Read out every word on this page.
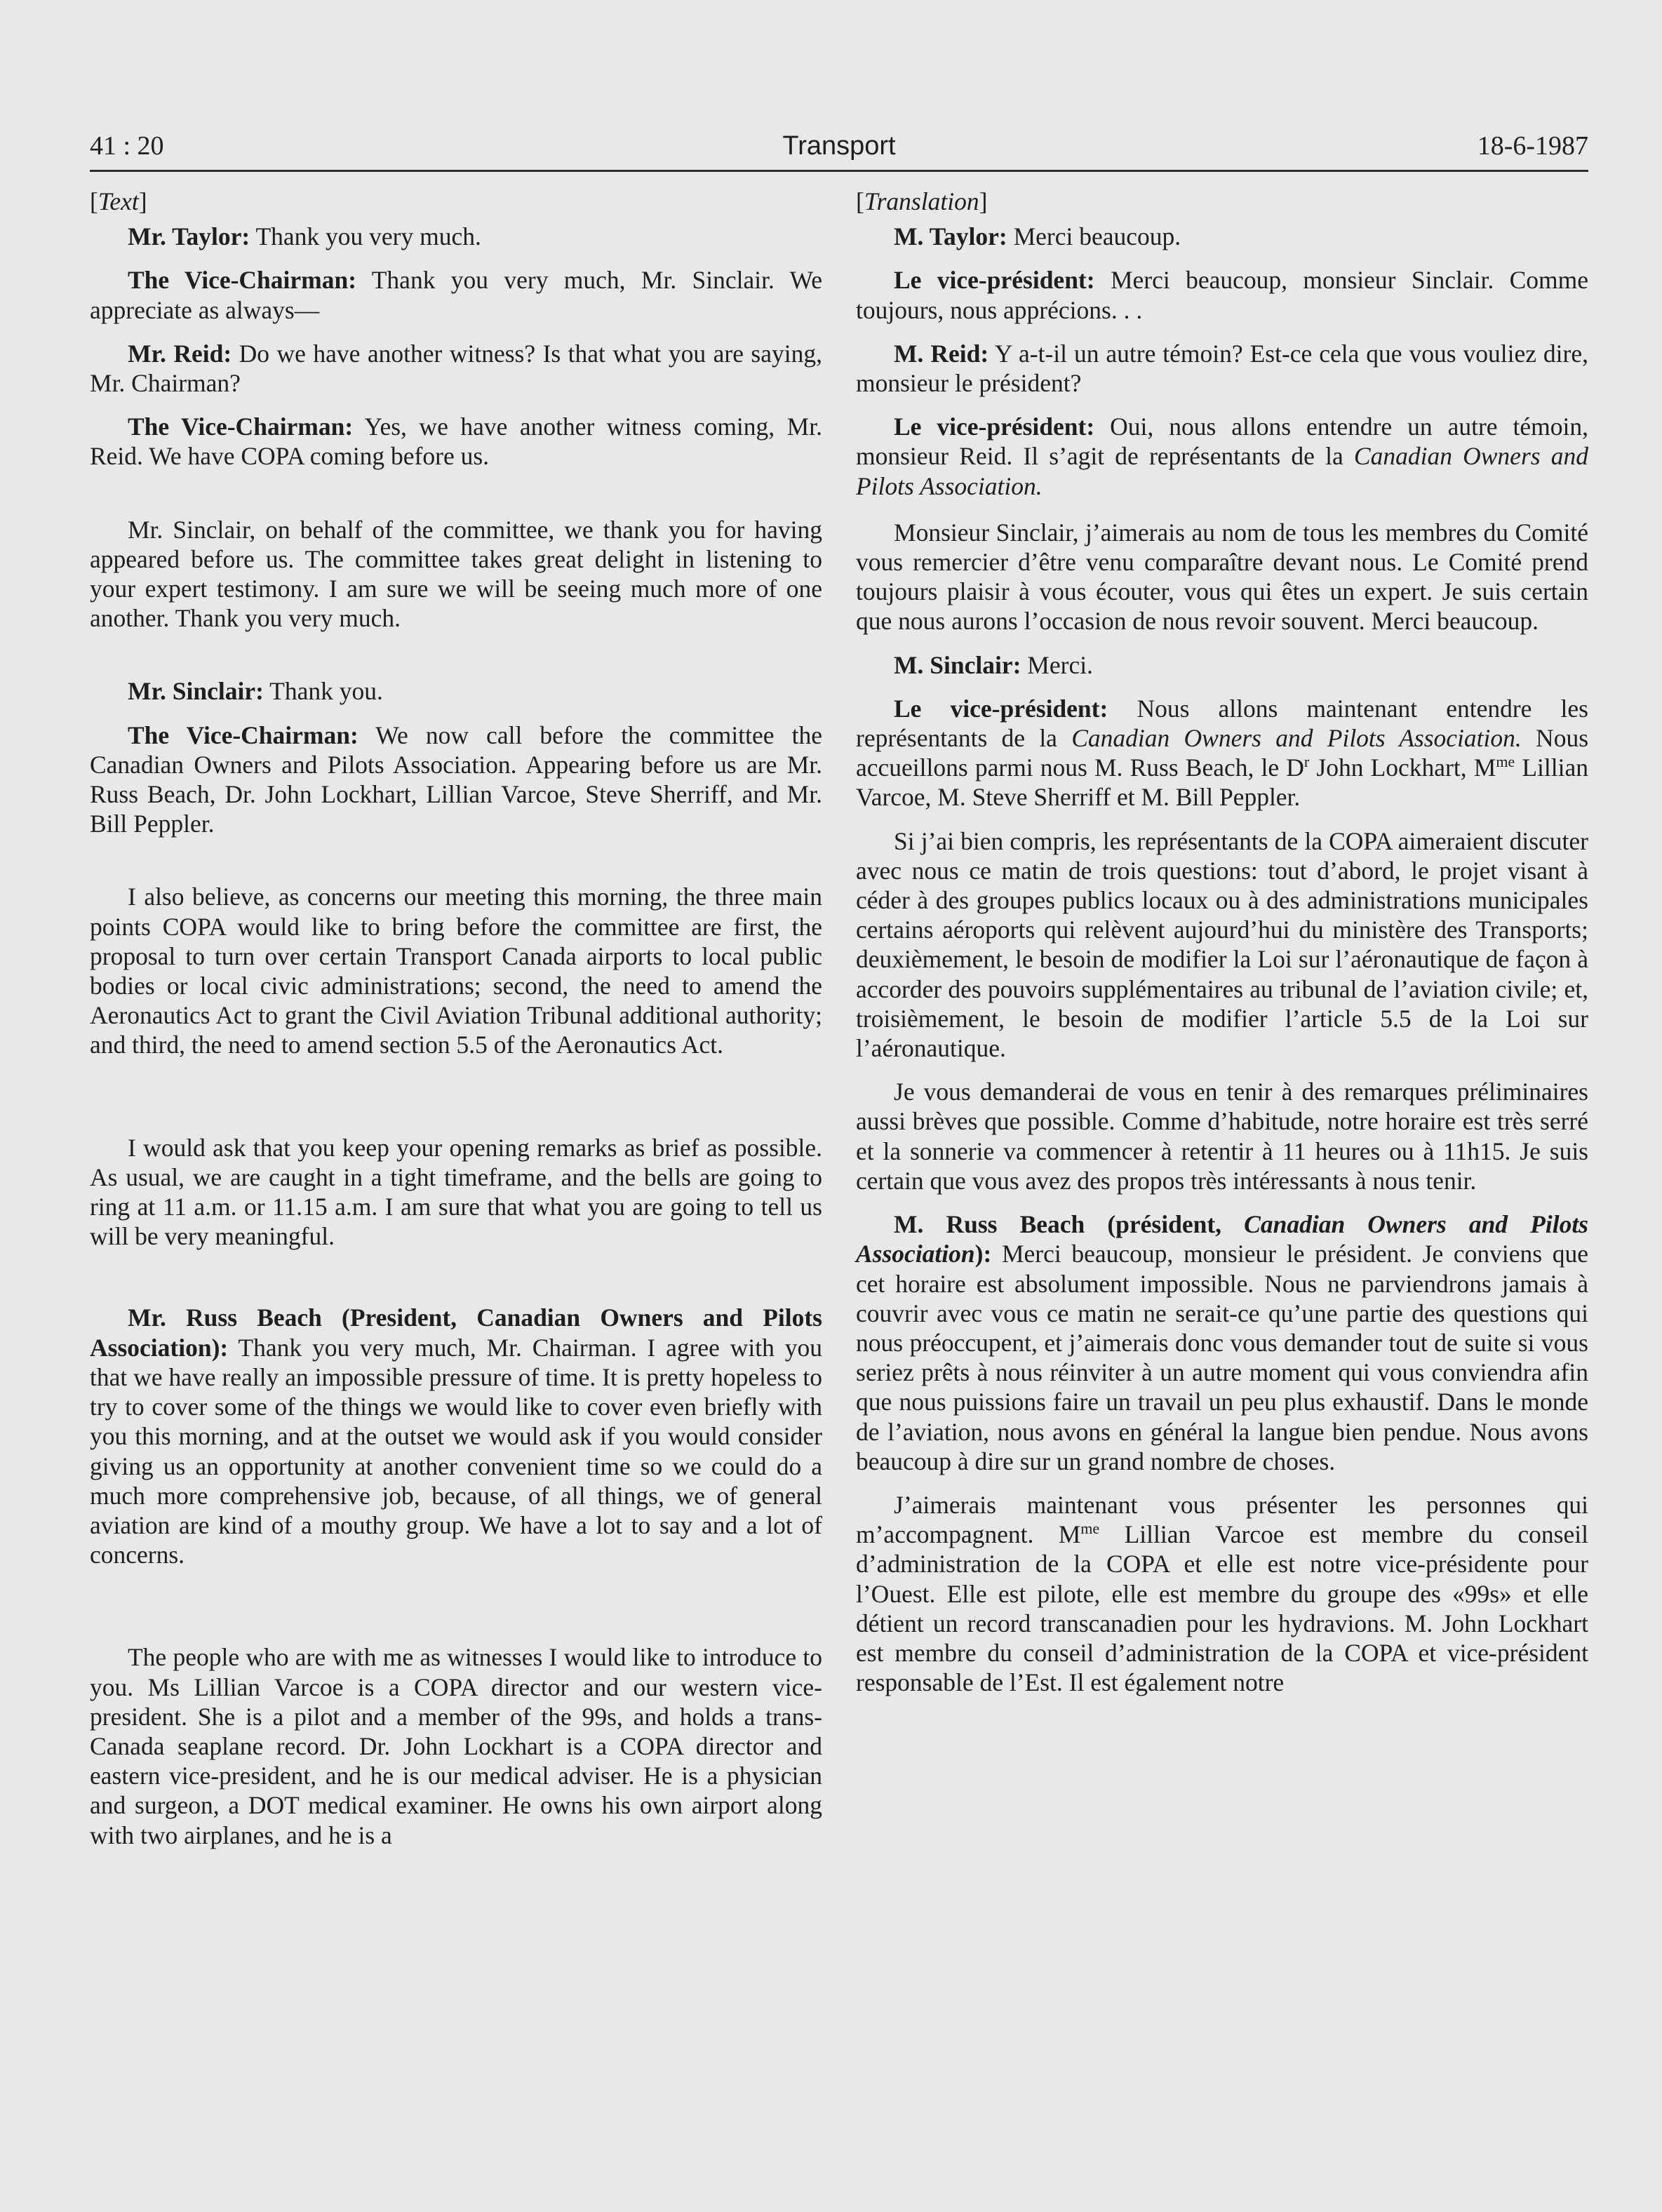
41 : 20	Transport	18-6-1987

[Text]

Mr. Taylor: Thank you very much.

The Vice-Chairman: Thank you very much, Mr. Sinclair. We appreciate as always—

Mr. Reid: Do we have another witness? Is that what you are saying, Mr. Chairman?

The Vice-Chairman: Yes, we have another witness coming, Mr. Reid. We have COPA coming before us.

Mr. Sinclair, on behalf of the committee, we thank you for having appeared before us. The committee takes great delight in listening to your expert testimony. I am sure we will be seeing much more of one another. Thank you very much.

Mr. Sinclair: Thank you.

The Vice-Chairman: We now call before the committee the Canadian Owners and Pilots Association. Appearing before us are Mr. Russ Beach, Dr. John Lockhart, Lillian Varcoe, Steve Sherriff, and Mr. Bill Peppler.

I also believe, as concerns our meeting this morning, the three main points COPA would like to bring before the committee are first, the proposal to turn over certain Transport Canada airports to local public bodies or local civic administrations; second, the need to amend the Aeronautics Act to grant the Civil Aviation Tribunal additional authority; and third, the need to amend section 5.5 of the Aeronautics Act.

I would ask that you keep your opening remarks as brief as possible. As usual, we are caught in a tight timeframe, and the bells are going to ring at 11 a.m. or 11.15 a.m. I am sure that what you are going to tell us will be very meaningful.

Mr. Russ Beach (President, Canadian Owners and Pilots Association): Thank you very much, Mr. Chairman. I agree with you that we have really an impossible pressure of time. It is pretty hopeless to try to cover some of the things we would like to cover even briefly with you this morning, and at the outset we would ask if you would consider giving us an opportunity at another convenient time so we could do a much more comprehensive job, because, of all things, we of general aviation are kind of a mouthy group. We have a lot to say and a lot of concerns.

The people who are with me as witnesses I would like to introduce to you. Ms Lillian Varcoe is a COPA director and our western vice-president. She is a pilot and a member of the 99s, and holds a trans-Canada seaplane record. Dr. John Lockhart is a COPA director and eastern vice-president, and he is our medical adviser. He is a physician and surgeon, a DOT medical examiner. He owns his own airport along with two airplanes, and he is a

[Translation]

M. Taylor: Merci beaucoup.

Le vice-président: Merci beaucoup, monsieur Sinclair. Comme toujours, nous apprécions. . .

M. Reid: Y a-t-il un autre témoin? Est-ce cela que vous vouliez dire, monsieur le président?

Le vice-président: Oui, nous allons entendre un autre témoin, monsieur Reid. Il s’agit de représentants de la Canadian Owners and Pilots Association.

Monsieur Sinclair, j’aimerais au nom de tous les membres du Comité vous remercier d’être venu comparaître devant nous. Le Comité prend toujours plaisir à vous écouter, vous qui êtes un expert. Je suis certain que nous aurons l’occasion de nous revoir souvent. Merci beaucoup.

M. Sinclair: Merci.

Le vice-président: Nous allons maintenant entendre les représentants de la Canadian Owners and Pilots Association. Nous accueillons parmi nous M. Russ Beach, le $D^r$ John Lockhart, $M^{me}$ Lillian Varcoe, M. Steve Sherriff et M. Bill Peppler.

Si j’ai bien compris, les représentants de la COPA aimeraient discuter avec nous ce matin de trois questions: tout d’abord, le projet visant à céder à des groupes publics locaux ou à des administrations municipales certains aéroports qui relèvent aujourd’hui du ministère des Transports; deuxièmement, le besoin de modifier la Loi sur l’aéronautique de façon à accorder des pouvoirs supplémentaires au tribunal de l’aviation civile; et, troisièmement, le besoin de modifier l’article 5.5 de la Loi sur l’aéronautique.

Je vous demanderai de vous en tenir à des remarques préliminaires aussi brèves que possible. Comme d’habitude, notre horaire est très serré et la sonnerie va commencer à retentir à 11 heures ou à 11h15. Je suis certain que vous avez des propos très intéressants à nous tenir.

M. Russ Beach (président, Canadian Owners and Pilots Association): Merci beaucoup, monsieur le président. Je conviens que cet horaire est absolument impossible. Nous ne parviendrons jamais à couvrir avec vous ce matin ne serait-ce qu’une partie des questions qui nous préoccupent, et j’aimerais donc vous demander tout de suite si vous seriez prêts à nous réinviter à un autre moment qui vous conviendra afin que nous puissions faire un travail un peu plus exhaustif. Dans le monde de l’aviation, nous avons en général la langue bien pendue. Nous avons beaucoup à dire sur un grand nombre de choses.

J’aimerais maintenant vous présenter les personnes qui m’accompagnent. $M^{me}$ Lillian Varcoe est membre du conseil d’administration de la COPA et elle est notre vice-présidente pour l’Ouest. Elle est pilote, elle est membre du groupe des «99s» et elle détient un record transcanadien pour les hydravions. M. John Lockhart est membre du conseil d’administration de la COPA et vice-président responsable de l’Est. Il est également notre
